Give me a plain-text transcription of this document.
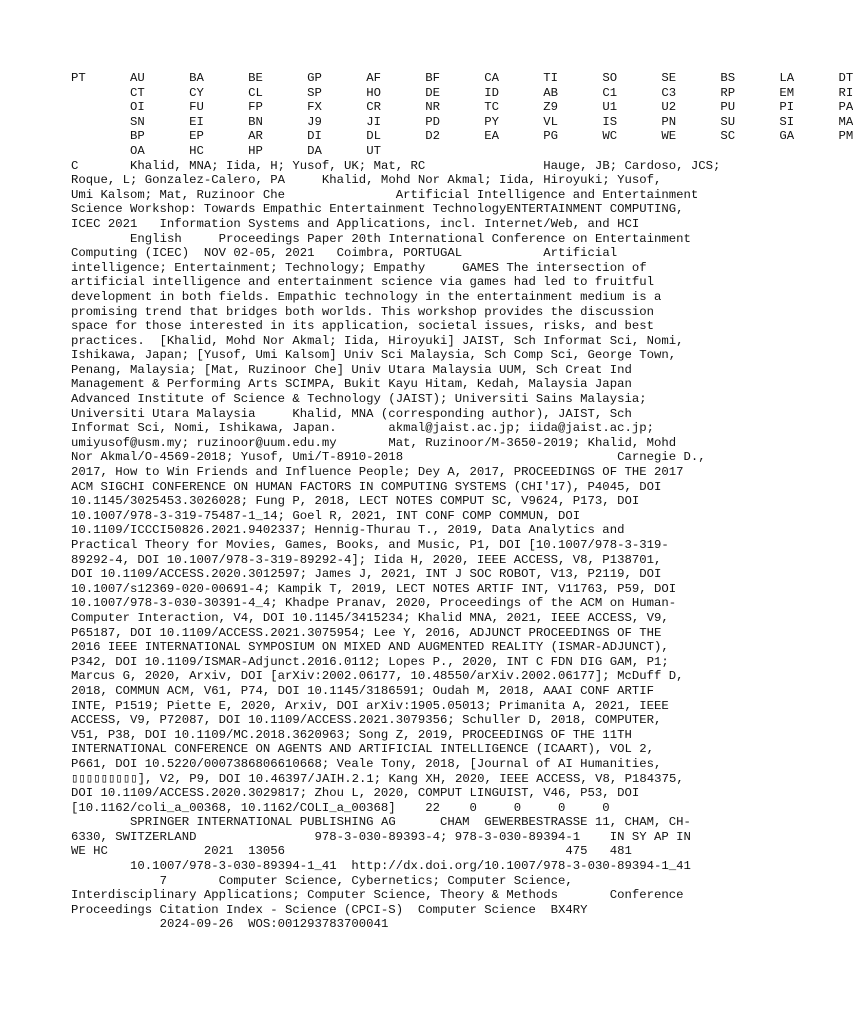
PT	AU	BA	BE	GP	AF	BF	CA	TI	SO	SE	BS	LA	DT
	CT	CY	CL	SP	HO	DE	ID	AB	C1	C3	RP	EM	RI
	OI	FU	FP	FX	CR	NR	TC	Z9	U1	U2	PU	PI	PA
	SN	EI	BN	J9	JI	PD	PY	VL	IS	PN	SU	SI	MA
	BP	EP	AR	DI	DL	D2	EA	PG	WC	WE	SC	GA	PM
	OA	HC	HP	DA	UT
C	Khalid, MNA; Iida, H; Yusof, UK; Mat, RC		Hauge, JB; Cardoso, JCS;
Roque, L; Gonzalez-Calero, PA	Khalid, Mohd Nor Akmal; Iida, Hiroyuki; Yusof,
Umi Kalsom; Mat, Ruzinoor Che		Artificial Intelligence and Entertainment
Science Workshop: Towards Empathic Entertainment TechnologyENTERTAINMENT COMPUTING,
ICEC 2021   Information Systems and Applications, incl. Internet/Web, and HCI
	English	Proceedings Paper 20th International Conference on Entertainment
Computing (ICEC)  NOV 02-05, 2021   Coimbra, PORTUGAL		Artificial
intelligence; Entertainment; Technology; Empathy     GAMES The intersection of
artificial intelligence and entertainment science via games had led to fruitful
development in both fields. Empathic technology in the entertainment medium is a
promising trend that bridges both worlds. This workshop provides the discussion
space for those interested in its application, societal issues, risks, and best
practices.  [Khalid, Mohd Nor Akmal; Iida, Hiroyuki] JAIST, Sch Informat Sci, Nomi,
Ishikawa, Japan; [Yusof, Umi Kalsom] Univ Sci Malaysia, Sch Comp Sci, George Town,
Penang, Malaysia; [Mat, Ruzinoor Che] Univ Utara Malaysia UUM, Sch Creat Ind
Management & Performing Arts SCIMPA, Bukit Kayu Hitam, Kedah, Malaysia Japan
Advanced Institute of Science & Technology (JAIST); Universiti Sains Malaysia;
Universiti Utara Malaysia     Khalid, MNA (corresponding author), JAIST, Sch
Informat Sci, Nomi, Ishikawa, Japan.	akmal@jaist.ac.jp; iida@jaist.ac.jp;
umiyusof@usm.my; ruzinoor@uum.edu.my	Mat, Ruzinoor/M-3650-2019; Khalid, Mohd
Nor Akmal/O-4569-2018; Yusof, Umi/T-8910-2018				Carnegie D.,
2017, How to Win Friends and Influence People; Dey A, 2017, PROCEEDINGS OF THE 2017
ACM SIGCHI CONFERENCE ON HUMAN FACTORS IN COMPUTING SYSTEMS (CHI'17), P4045, DOI
10.1145/3025453.3026028; Fung P, 2018, LECT NOTES COMPUT SC, V9624, P173, DOI
10.1007/978-3-319-75487-1_14; Goel R, 2021, INT CONF COMP COMMUN, DOI
10.1109/ICCCI50826.2021.9402337; Hennig-Thurau T., 2019, Data Analytics and
Practical Theory for Movies, Games, Books, and Music, P1, DOI [10.1007/978-3-319-
89292-4, DOI 10.1007/978-3-319-89292-4]; Iida H, 2020, IEEE ACCESS, V8, P138701,
DOI 10.1109/ACCESS.2020.3012597; James J, 2021, INT J SOC ROBOT, V13, P2119, DOI
10.1007/s12369-020-00691-4; Kampik T, 2019, LECT NOTES ARTIF INT, V11763, P59, DOI
10.1007/978-3-030-30391-4_4; Khadpe Pranav, 2020, Proceedings of the ACM on Human-
Computer Interaction, V4, DOI 10.1145/3415234; Khalid MNA, 2021, IEEE ACCESS, V9,
P65187, DOI 10.1109/ACCESS.2021.3075954; Lee Y, 2016, ADJUNCT PROCEEDINGS OF THE
2016 IEEE INTERNATIONAL SYMPOSIUM ON MIXED AND AUGMENTED REALITY (ISMAR-ADJUNCT),
P342, DOI 10.1109/ISMAR-Adjunct.2016.0112; Lopes P., 2020, INT C FDN DIG GAM, P1;
Marcus G, 2020, Arxiv, DOI [arXiv:2002.06177, 10.48550/arXiv.2002.06177]; McDuff D,
2018, COMMUN ACM, V61, P74, DOI 10.1145/3186591; Oudah M, 2018, AAAI CONF ARTIF
INTE, P1519; Piette E, 2020, Arxiv, DOI arXiv:1905.05013; Primanita A, 2021, IEEE
ACCESS, V9, P72087, DOI 10.1109/ACCESS.2021.3079356; Schuller D, 2018, COMPUTER,
V51, P38, DOI 10.1109/MC.2018.3620963; Song Z, 2019, PROCEEDINGS OF THE 11TH
INTERNATIONAL CONFERENCE ON AGENTS AND ARTIFICIAL INTELLIGENCE (ICAART), VOL 2,
P661, DOI 10.5220/0007386806610668; Veale Tony, 2018, [Journal of AI Humanities,
▯▯▯▯▯▯▯▯▯], V2, P9, DOI 10.46397/JAIH.2.1; Kang XH, 2020, IEEE ACCESS, V8, P184375,
DOI 10.1109/ACCESS.2020.3029817; Zhou L, 2020, COMPUT LINGUIST, V46, P53, DOI
[10.1162/coli_a_00368, 10.1162/COLI_a_00368]    22    0     0     0     0
	SPRINGER INTERNATIONAL PUBLISHING AG	CHAM  GEWERBESTRASSE 11, CHAM, CH-
6330, SWITZERLAND		978-3-030-89393-4; 978-3-030-89394-1	IN SY AP IN
WE HC		2021  13056					475   481
	10.1007/978-3-030-89394-1_41  http://dx.doi.org/10.1007/978-3-030-89394-1_41
	7	Computer Science, Cybernetics; Computer Science,
Interdisciplinary Applications; Computer Science, Theory & Methods	Conference
Proceedings Citation Index - Science (CPCI-S)  Computer Science  BX4RY
	2024-09-26  WOS:001293783700041
